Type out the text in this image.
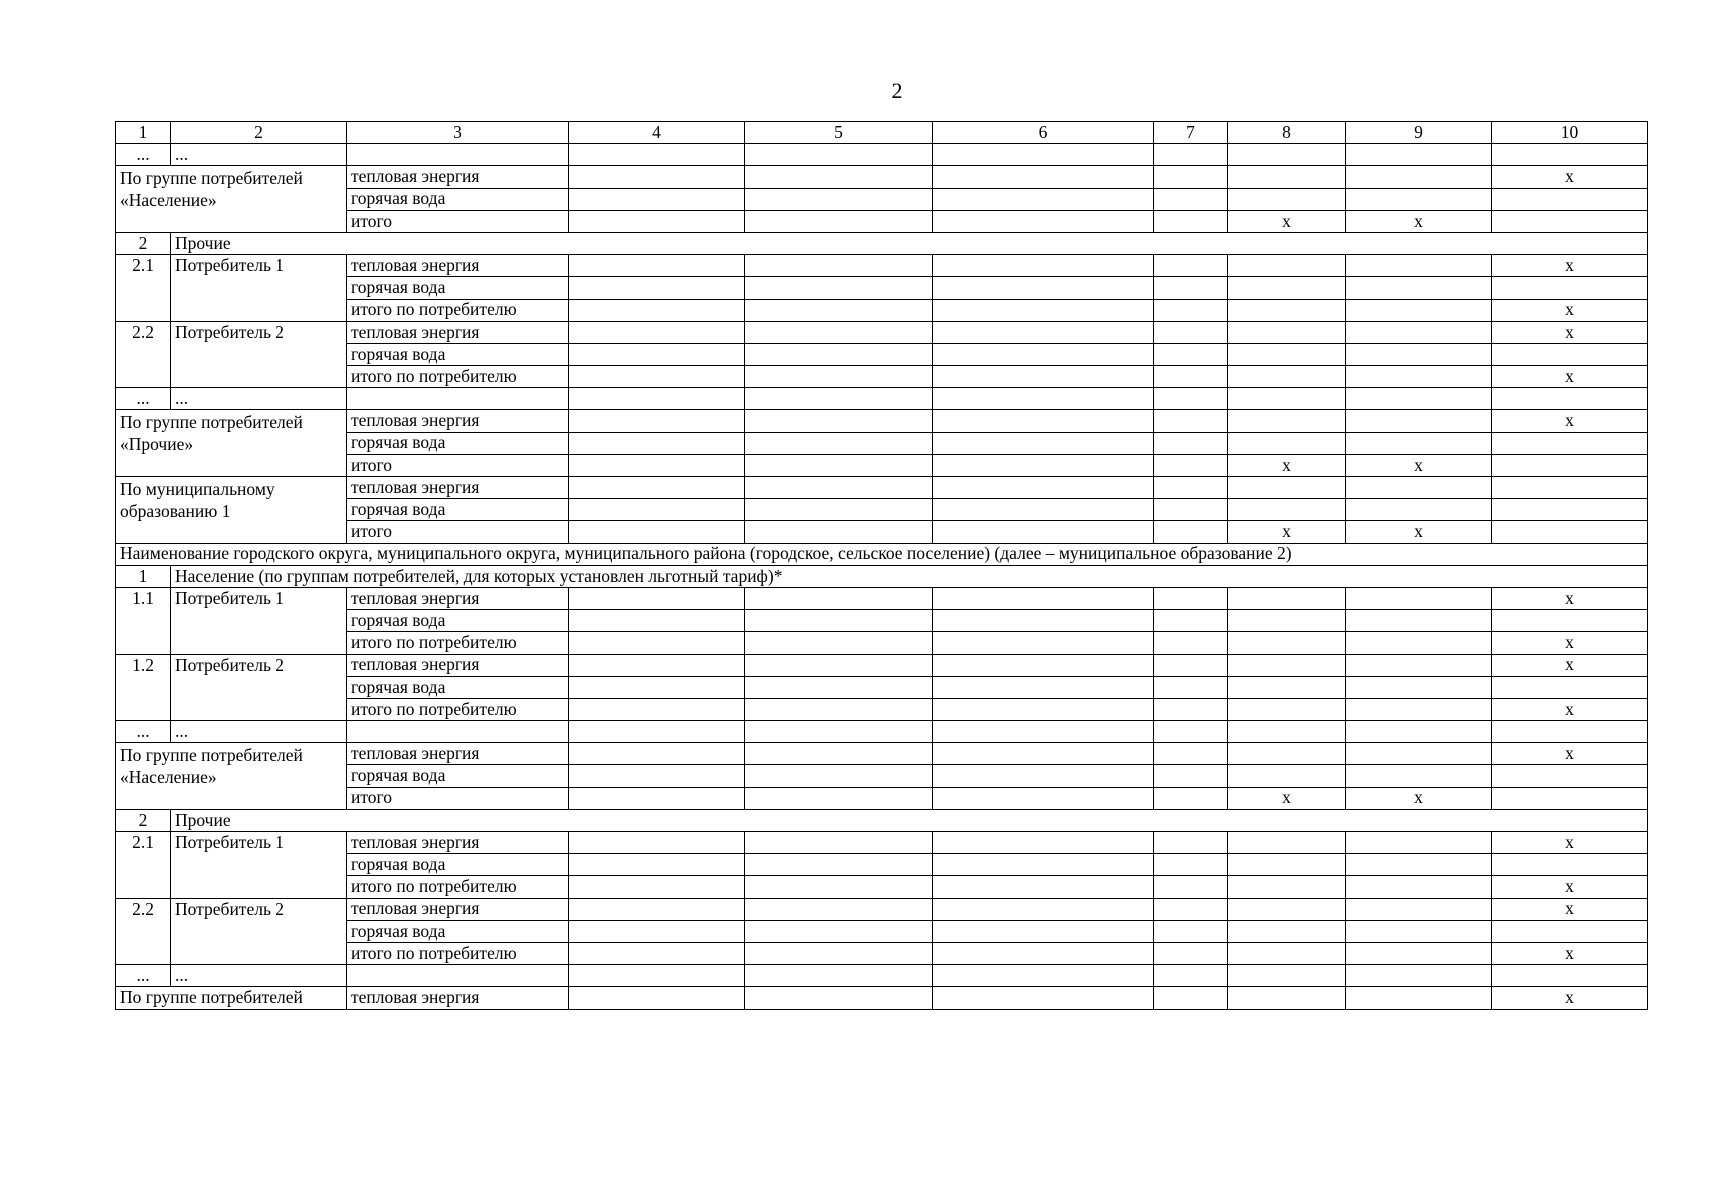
2
1	2	3	4	5	6	7	8	9	10
...	...								
По группе потребителей «Население»		тепловая энергия							x
		горячая вода							
		итого					x	x	
2	Прочие								
2.1	Потребитель 1	тепловая энергия							x
		горячая вода							
		итого по потребителю							x
2.2	Потребитель 2	тепловая энергия							x
		горячая вода							
		итого по потребителю							x
...	...								
По группе потребителей «Прочие»		тепловая энергия							x
		горячая вода							
		итого					x	x	
По муниципальному образованию 1		тепловая энергия							
		горячая вода							
		итого					x	x	
Наименование городского округа, муниципального округа, муниципального района (городское, сельское поселение) (далее – муниципальное образование 2)									
1	Население (по группам потребителей, для которых установлен льготный тариф)*								
1.1	Потребитель 1	тепловая энергия							x
		горячая вода							
		итого по потребителю							x
1.2	Потребитель 2	тепловая энергия							x
		горячая вода							
		итого по потребителю							x
...	...								
По группе потребителей «Население»		тепловая энергия							x
		горячая вода							
		итого					x	x	
2	Прочие								
2.1	Потребитель 1	тепловая энергия							x
		горячая вода							
		итого по потребителю							x
2.2	Потребитель 2	тепловая энергия							x
		горячая вода							
		итого по потребителю							x
...	...								
По группе потребителей		тепловая энергия							x
